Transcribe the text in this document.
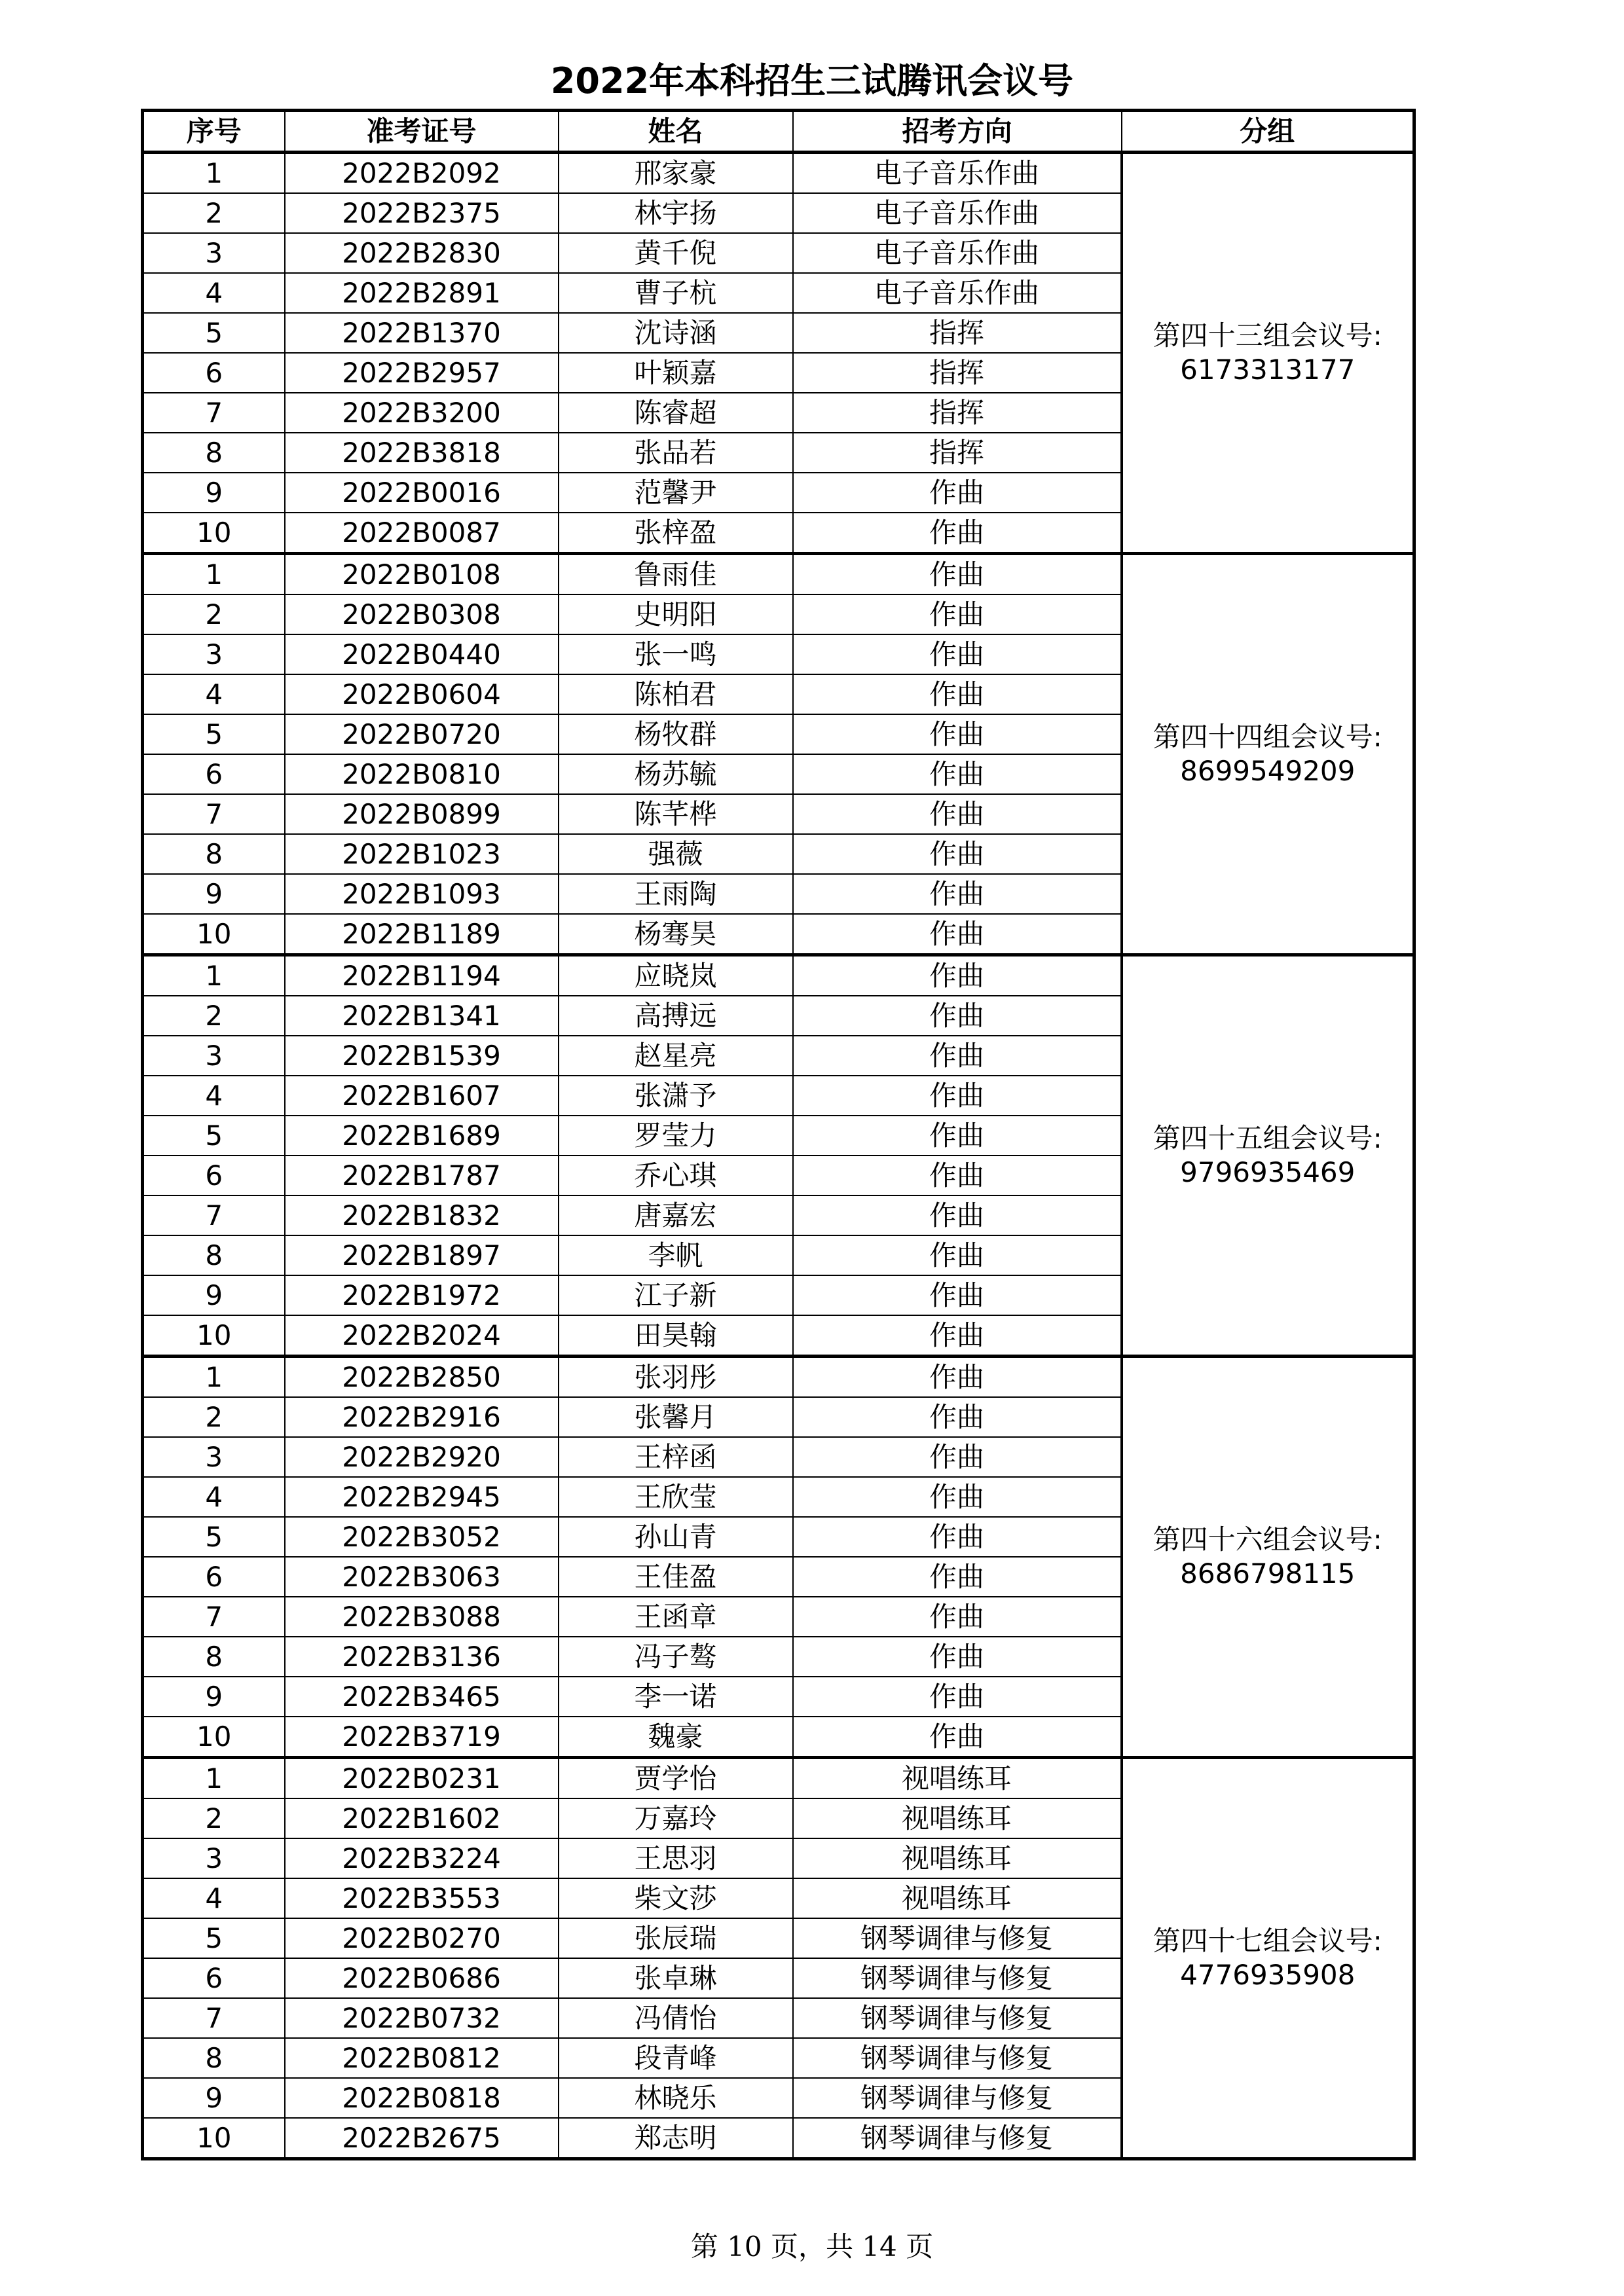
2022年本科招生三试腾讯会议号
序号	准考证号	姓名	招考方向	分组
1	2022B2092	邢家豪	电子音乐作曲	第四十三组会议号:
6173313177

2	2022B2375	林宇扬	电子音乐作曲	
3	2022B2830	黄千倪	电子音乐作曲	
4	2022B2891	曹子杭	电子音乐作曲	
5	2022B1370	沈诗涵	指挥	
6	2022B2957	叶颖嘉	指挥	
7	2022B3200	陈睿超	指挥	
8	2022B3818	张品若	指挥	
9	2022B0016	范馨尹	作曲	
10	2022B0087	张梓盈	作曲	
1	2022B0108	鲁雨佳	作曲	第四十四组会议号:
8699549209

2	2022B0308	史明阳	作曲	
3	2022B0440	张一鸣	作曲	
4	2022B0604	陈柏君	作曲	
5	2022B0720	杨牧群	作曲	
6	2022B0810	杨苏毓	作曲	
7	2022B0899	陈芊桦	作曲	
8	2022B1023	强薇	作曲	
9	2022B1093	王雨陶	作曲	
10	2022B1189	杨骞昊	作曲	
1	2022B1194	应晓岚	作曲	第四十五组会议号:
9796935469

2	2022B1341	高搏远	作曲	
3	2022B1539	赵星亮	作曲	
4	2022B1607	张潇予	作曲	
5	2022B1689	罗莹力	作曲	
6	2022B1787	乔心琪	作曲	
7	2022B1832	唐嘉宏	作曲	
8	2022B1897	李帆	作曲	
9	2022B1972	江子新	作曲	
10	2022B2024	田昊翰	作曲	
1	2022B2850	张羽彤	作曲	第四十六组会议号:
8686798115

2	2022B2916	张馨月	作曲	
3	2022B2920	王梓函	作曲	
4	2022B2945	王欣莹	作曲	
5	2022B3052	孙山青	作曲	
6	2022B3063	王佳盈	作曲	
7	2022B3088	王函章	作曲	
8	2022B3136	冯子骜	作曲	
9	2022B3465	李一诺	作曲	
10	2022B3719	魏豪	作曲	
1	2022B0231	贾学怡	视唱练耳	第四十七组会议号:
4776935908

2	2022B1602	万嘉玲	视唱练耳	
3	2022B3224	王思羽	视唱练耳	
4	2022B3553	柴文莎	视唱练耳	
5	2022B0270	张辰瑞	钢琴调律与修复	
6	2022B0686	张卓琳	钢琴调律与修复	
7	2022B0732	冯倩怡	钢琴调律与修复	
8	2022B0812	段青峰	钢琴调律与修复	
9	2022B0818	林晓乐	钢琴调律与修复	
10	2022B2675	郑志明	钢琴调律与修复	
第 10 页，共 14 页
